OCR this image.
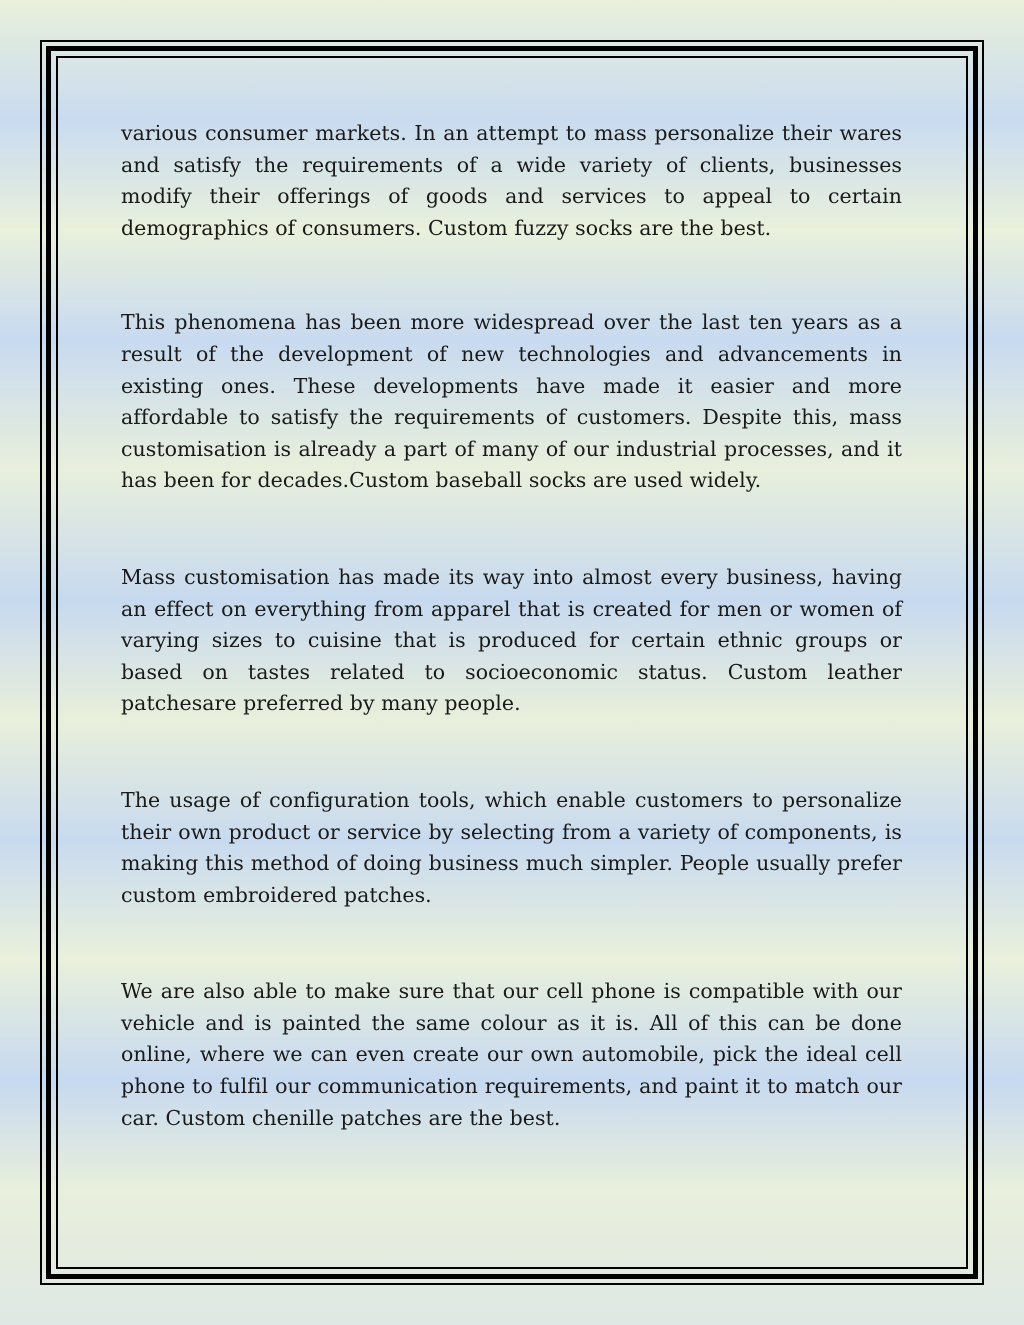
various consumer markets. In an attempt to mass personalize their wares and satisfy the requirements of a wide variety of clients, businesses modify their offerings of goods and services to appeal to certain demographics of consumers. Custom fuzzy socks are the best.

This phenomena has been more widespread over the last ten years as a result of the development of new technologies and advancements in existing ones. These developments have made it easier and more affordable to satisfy the requirements of customers. Despite this, mass customisation is already a part of many of our industrial processes, and it has been for decades.Custom baseball socks are used widely.

Mass customisation has made its way into almost every business, having an effect on everything from apparel that is created for men or women of varying sizes to cuisine that is produced for certain ethnic groups or based on tastes related to socioeconomic status. Custom leather patchesare preferred by many people.

The usage of configuration tools, which enable customers to personalize their own product or service by selecting from a variety of components, is making this method of doing business much simpler. People usually prefer custom embroidered patches.

We are also able to make sure that our cell phone is compatible with our vehicle and is painted the same colour as it is. All of this can be done online, where we can even create our own automobile, pick the ideal cell phone to fulfil our communication requirements, and paint it to match our car. Custom chenille patches are the best.
